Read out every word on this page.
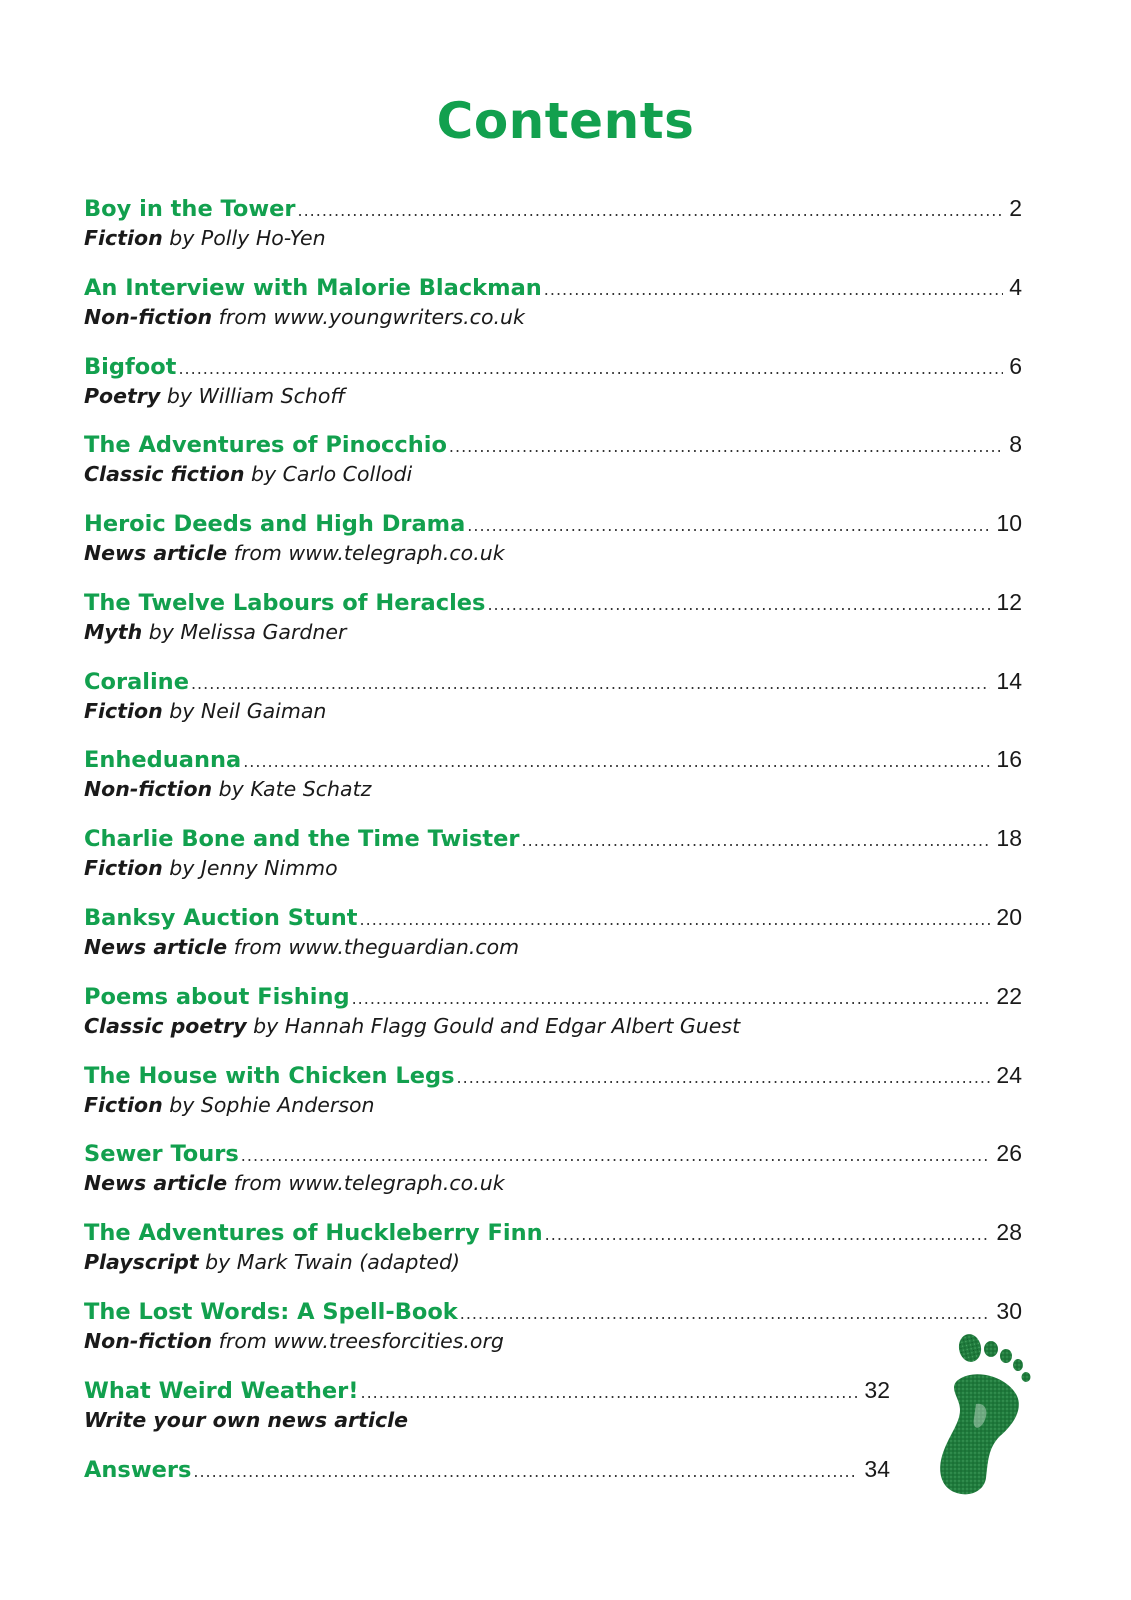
Contents
Boy in the Tower .....	2
Fiction by Polly Ho-Yen
An Interview with Malorie Blackman .....	4
Non-fiction from www.youngwriters.co.uk
Bigfoot .....	6
Poetry by William Schoff
The Adventures of Pinocchio .....	8
Classic fiction by Carlo Collodi
Heroic Deeds and High Drama .....	10
News article from www.telegraph.co.uk
The Twelve Labours of Heracles .....	12
Myth by Melissa Gardner
Coraline .....	14
Fiction by Neil Gaiman
Enheduanna .....	16
Non-fiction by Kate Schatz
Charlie Bone and the Time Twister .....	18
Fiction by Jenny Nimmo
Banksy Auction Stunt .....	20
News article from www.theguardian.com
Poems about Fishing .....	22
Classic poetry by Hannah Flagg Gould and Edgar Albert Guest
The House with Chicken Legs .....	24
Fiction by Sophie Anderson
Sewer Tours .....	26
News article from www.telegraph.co.uk
The Adventures of Huckleberry Finn .....	28
Playscript by Mark Twain (adapted)
The Lost Words: A Spell-Book .....	30
Non-fiction from www.treesforcities.org
What Weird Weather! .....	32
Write your own news article
Answers .....	34
